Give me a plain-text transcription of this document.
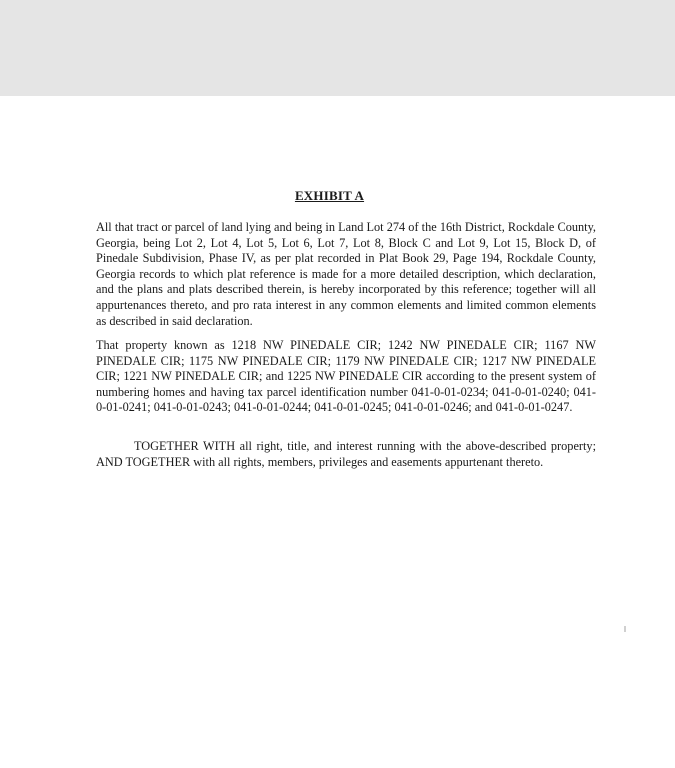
EXHIBIT A

All that tract or parcel of land lying and being in Land Lot 274 of the 16th District, Rockdale County, Georgia, being Lot 2, Lot 4, Lot 5, Lot 6, Lot 7, Lot 8, Block C and Lot 9, Lot 15, Block D, of Pinedale Subdivision, Phase IV, as per plat recorded in Plat Book 29, Page 194, Rockdale County, Georgia records to which plat reference is made for a more detailed description, which declaration, and the plans and plats described therein, is hereby incorporated by this reference; together will all appurtenances thereto, and pro rata interest in any common elements and limited common elements as described in said declaration.

That property known as 1218 NW PINEDALE CIR; 1242 NW PINEDALE CIR; 1167 NW PINEDALE CIR; 1175 NW PINEDALE CIR; 1179 NW PINEDALE CIR; 1217 NW PINEDALE CIR; 1221 NW PINEDALE CIR; and 1225 NW PINEDALE CIR according to the present system of numbering homes and having tax parcel identification number 041-0-01-0234; 041-0-01-0240; 041-0-01-0241; 041-0-01-0243; 041-0-01-0244; 041-0-01-0245; 041-0-01-0246; and 041-0-01-0247.

TOGETHER WITH all right, title, and interest running with the above-described property; AND TOGETHER with all rights, members, privileges and easements appurtenant thereto.
